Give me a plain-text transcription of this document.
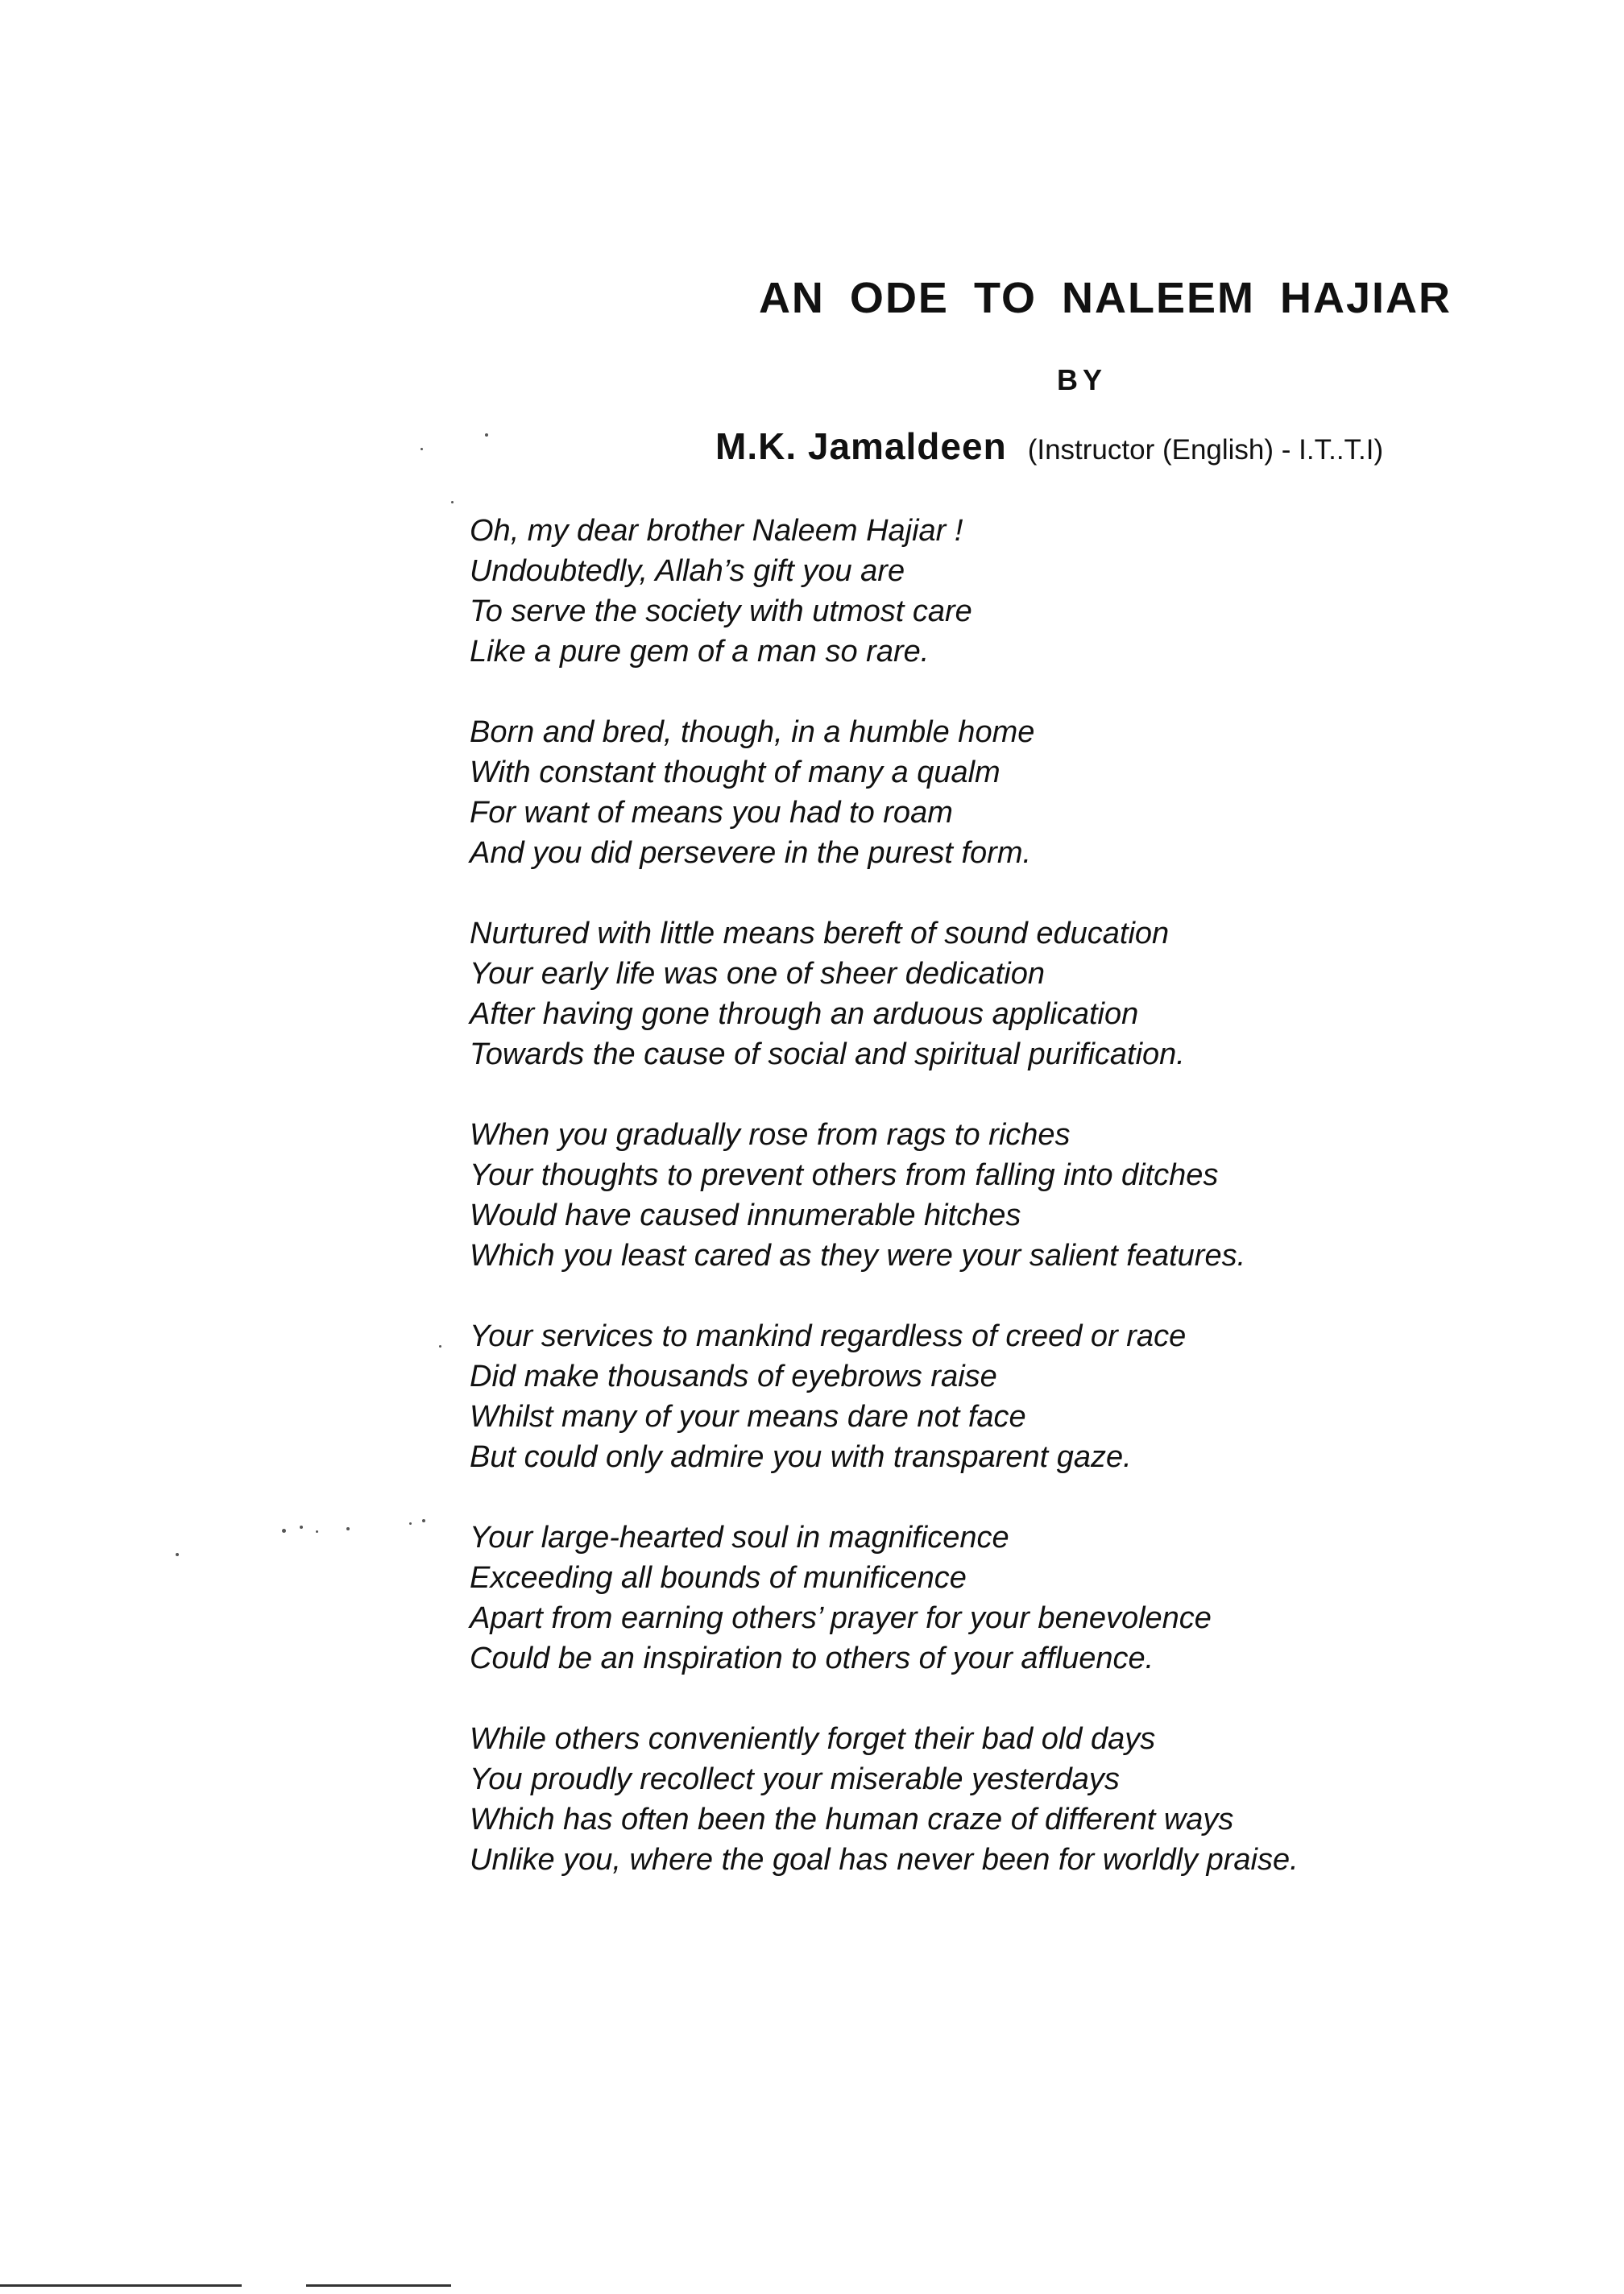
AN ODE TO NALEEM HAJIAR
BY
M.K. Jamaldeen (Instructor (English) - I.T..T.I)
Oh, my dear brother Naleem Hajiar !
Undoubtedly, Allah’s gift you are
To serve the society with utmost care
Like a pure gem of a man so rare.
Born and bred, though, in a humble home
With constant thought of many a qualm
For want of means you had to roam
And you did persevere in the purest form.
Nurtured with little means bereft of sound education
Your early life was one of sheer dedication
After having gone through an arduous application
Towards the cause of social and spiritual purification.
When you gradually rose from rags to riches
Your thoughts to prevent others from falling into ditches
Would have caused innumerable hitches
Which you least cared as they were your salient features.
Your services to mankind regardless of creed or race
Did make thousands of eyebrows raise
Whilst many of your means dare not face
But could only admire you with transparent gaze.
Your large-hearted soul in magnificence
Exceeding all bounds of munificence
Apart from earning others’ prayer for your benevolence
Could be an inspiration to others of your affluence.
While others conveniently forget their bad old days
You proudly recollect your miserable yesterdays
Which has often been the human craze of different ways
Unlike you, where the goal has never been for worldly praise.
